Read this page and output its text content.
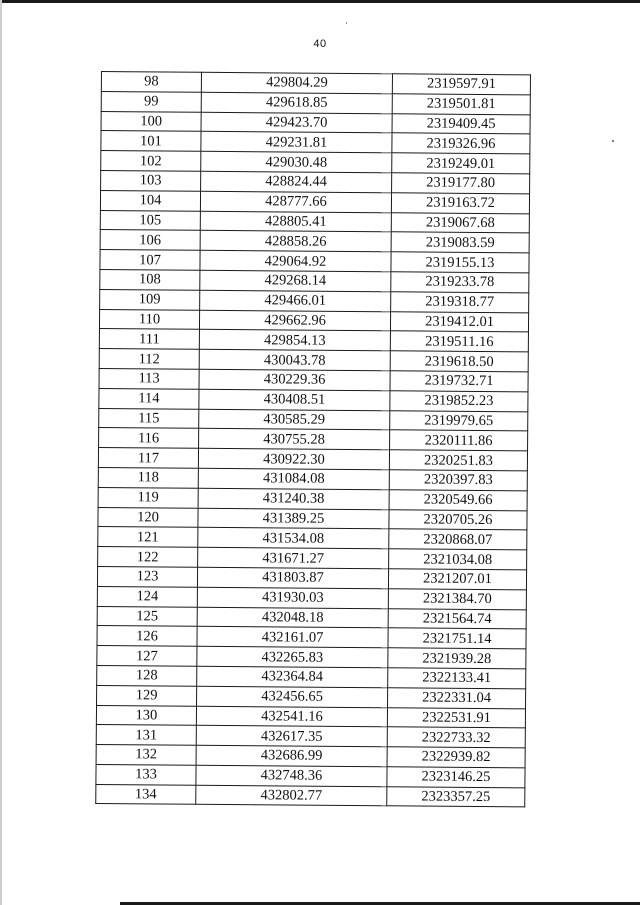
40
98	429804.29	2319597.91
99	429618.85	2319501.81
100	429423.70	2319409.45
101	429231.81	2319326.96
102	429030.48	2319249.01
103	428824.44	2319177.80
104	428777.66	2319163.72
105	428805.41	2319067.68
106	428858.26	2319083.59
107	429064.92	2319155.13
108	429268.14	2319233.78
109	429466.01	2319318.77
110	429662.96	2319412.01
111	429854.13	2319511.16
112	430043.78	2319618.50
113	430229.36	2319732.71
114	430408.51	2319852.23
115	430585.29	2319979.65
116	430755.28	2320111.86
117	430922.30	2320251.83
118	431084.08	2320397.83
119	431240.38	2320549.66
120	431389.25	2320705.26
121	431534.08	2320868.07
122	431671.27	2321034.08
123	431803.87	2321207.01
124	431930.03	2321384.70
125	432048.18	2321564.74
126	432161.07	2321751.14
127	432265.83	2321939.28
128	432364.84	2322133.41
129	432456.65	2322331.04
130	432541.16	2322531.91
131	432617.35	2322733.32
132	432686.99	2322939.82
133	432748.36	2323146.25
134	432802.77	2323357.25
